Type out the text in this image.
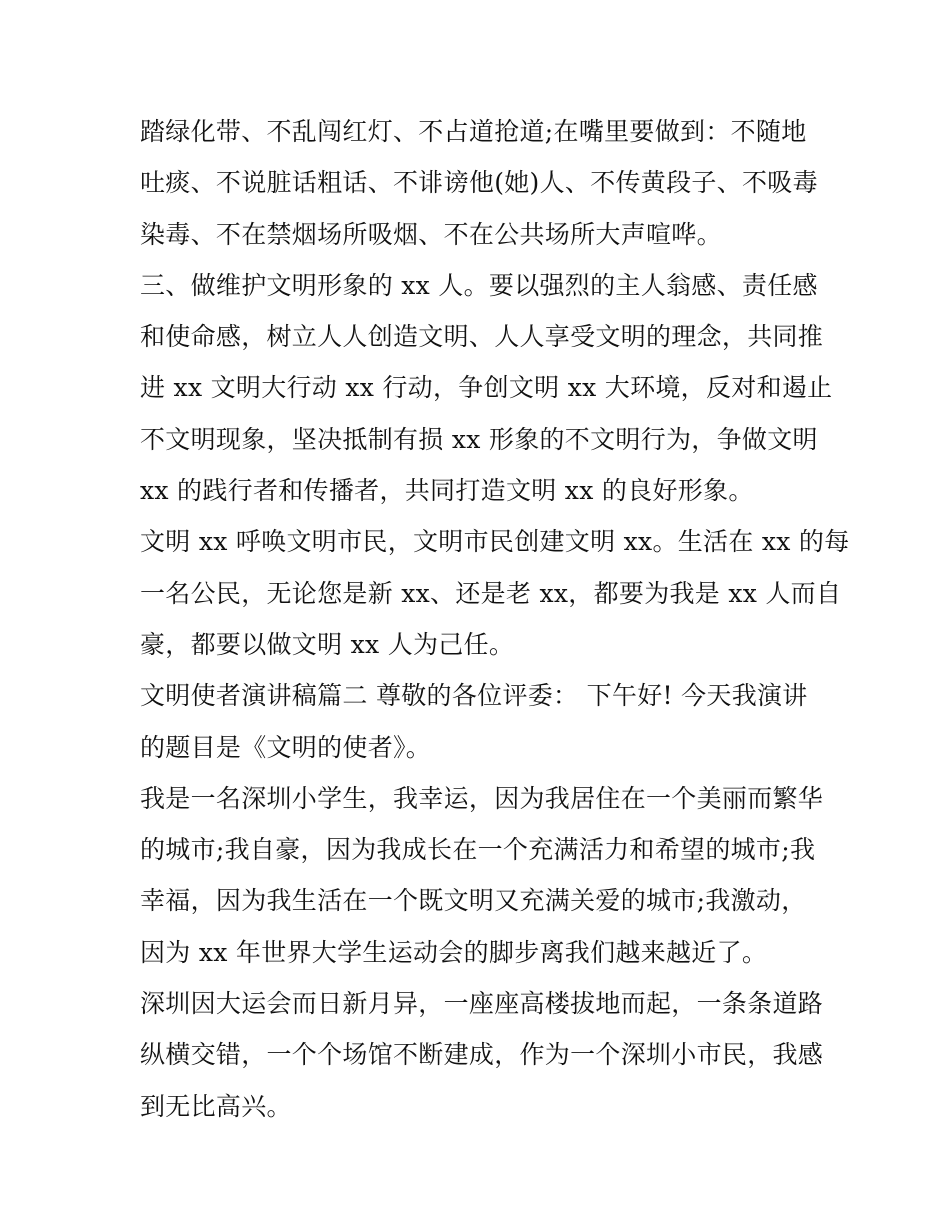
踏绿化带、不乱闯红灯、不占道抢道;在嘴里要做到：不随地
吐痰、不说脏话粗话、不诽谤他(她)人、不传黄段子、不吸毒
染毒、不在禁烟场所吸烟、不在公共场所大声喧哗。
三、做维护文明形象的 xx 人。要以强烈的主人翁感、责任感
和使命感，树立人人创造文明、人人享受文明的理念，共同推
进 xx 文明大行动 xx 行动，争创文明 xx 大环境，反对和遏止
不文明现象，坚决抵制有损 xx 形象的不文明行为，争做文明
xx 的践行者和传播者，共同打造文明 xx 的良好形象。
文明 xx 呼唤文明市民，文明市民创建文明 xx。生活在 xx 的每
一名公民，无论您是新 xx、还是老 xx，都要为我是 xx 人而自
豪，都要以做文明 xx 人为己任。
文明使者演讲稿篇二 尊敬的各位评委： 下午好! 今天我演讲
的题目是《文明的使者》。
我是一名深圳小学生，我幸运，因为我居住在一个美丽而繁华
的城市;我自豪，因为我成长在一个充满活力和希望的城市;我
幸福，因为我生活在一个既文明又充满关爱的城市;我激动，
因为 xx 年世界大学生运动会的脚步离我们越来越近了。
深圳因大运会而日新月异，一座座高楼拔地而起，一条条道路
纵横交错，一个个场馆不断建成，作为一个深圳小市民，我感
到无比高兴。
